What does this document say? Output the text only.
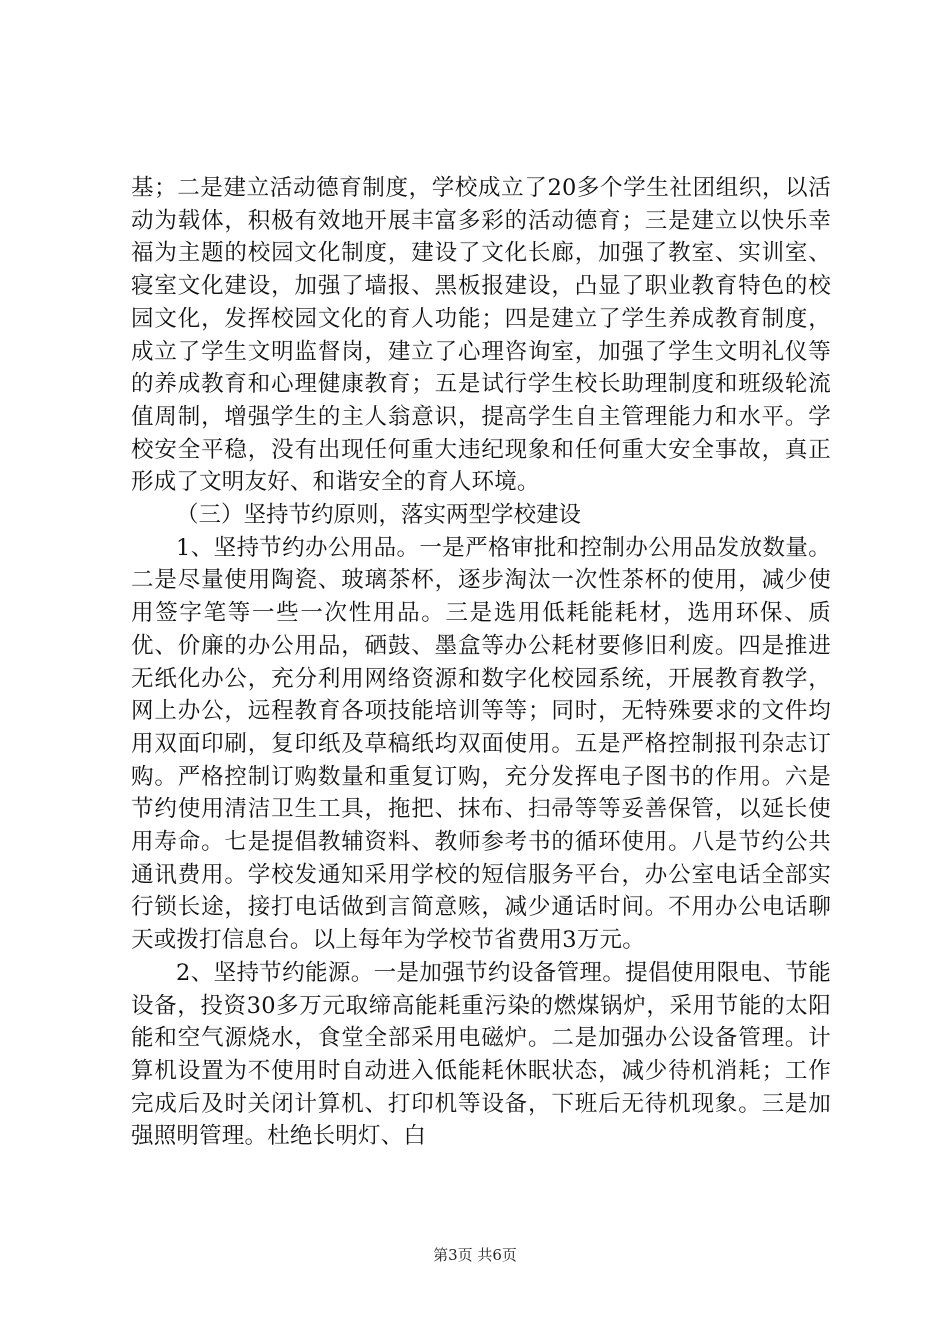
基；二是建立活动德育制度，学校成立了20多个学生社团组织，以活动为载体，积极有效地开展丰富多彩的活动德育；三是建立以快乐幸福为主题的校园文化制度，建设了文化长廊，加强了教室、实训室、寝室文化建设，加强了墙报、黑板报建设，凸显了职业教育特色的校园文化，发挥校园文化的育人功能；四是建立了学生养成教育制度，成立了学生文明监督岗，建立了心理咨询室，加强了学生文明礼仪等的养成教育和心理健康教育；五是试行学生校长助理制度和班级轮流值周制，增强学生的主人翁意识，提高学生自主管理能力和水平。学校安全平稳，没有出现任何重大违纪现象和任何重大安全事故，真正形成了文明友好、和谐安全的育人环境。

（三）坚持节约原则，落实两型学校建设

1、坚持节约办公用品。一是严格审批和控制办公用品发放数量。二是尽量使用陶瓷、玻璃茶杯，逐步淘汰一次性茶杯的使用，减少使用签字笔等一些一次性用品。三是选用低耗能耗材，选用环保、质优、价廉的办公用品，硒鼓、墨盒等办公耗材要修旧利废。四是推进无纸化办公，充分利用网络资源和数字化校园系统，开展教育教学，网上办公，远程教育各项技能培训等等；同时，无特殊要求的文件均用双面印刷，复印纸及草稿纸均双面使用。五是严格控制报刊杂志订购。严格控制订购数量和重复订购，充分发挥电子图书的作用。六是节约使用清洁卫生工具，拖把、抹布、扫帚等等妥善保管，以延长使用寿命。七是提倡教辅资料、教师参考书的循环使用。八是节约公共通讯费用。学校发通知采用学校的短信服务平台，办公室电话全部实行锁长途，接打电话做到言简意赅，减少通话时间。不用办公电话聊天或拨打信息台。以上每年为学校节省费用3万元。

2、坚持节约能源。一是加强节约设备管理。提倡使用限电、节能设备，投资30多万元取缔高能耗重污染的燃煤锅炉，采用节能的太阳能和空气源烧水，食堂全部采用电磁炉。二是加强办公设备管理。计算机设置为不使用时自动进入低能耗休眠状态，减少待机消耗；工作完成后及时关闭计算机、打印机等设备，下班后无待机现象。三是加强照明管理。杜绝长明灯、白

第3页 共6页
